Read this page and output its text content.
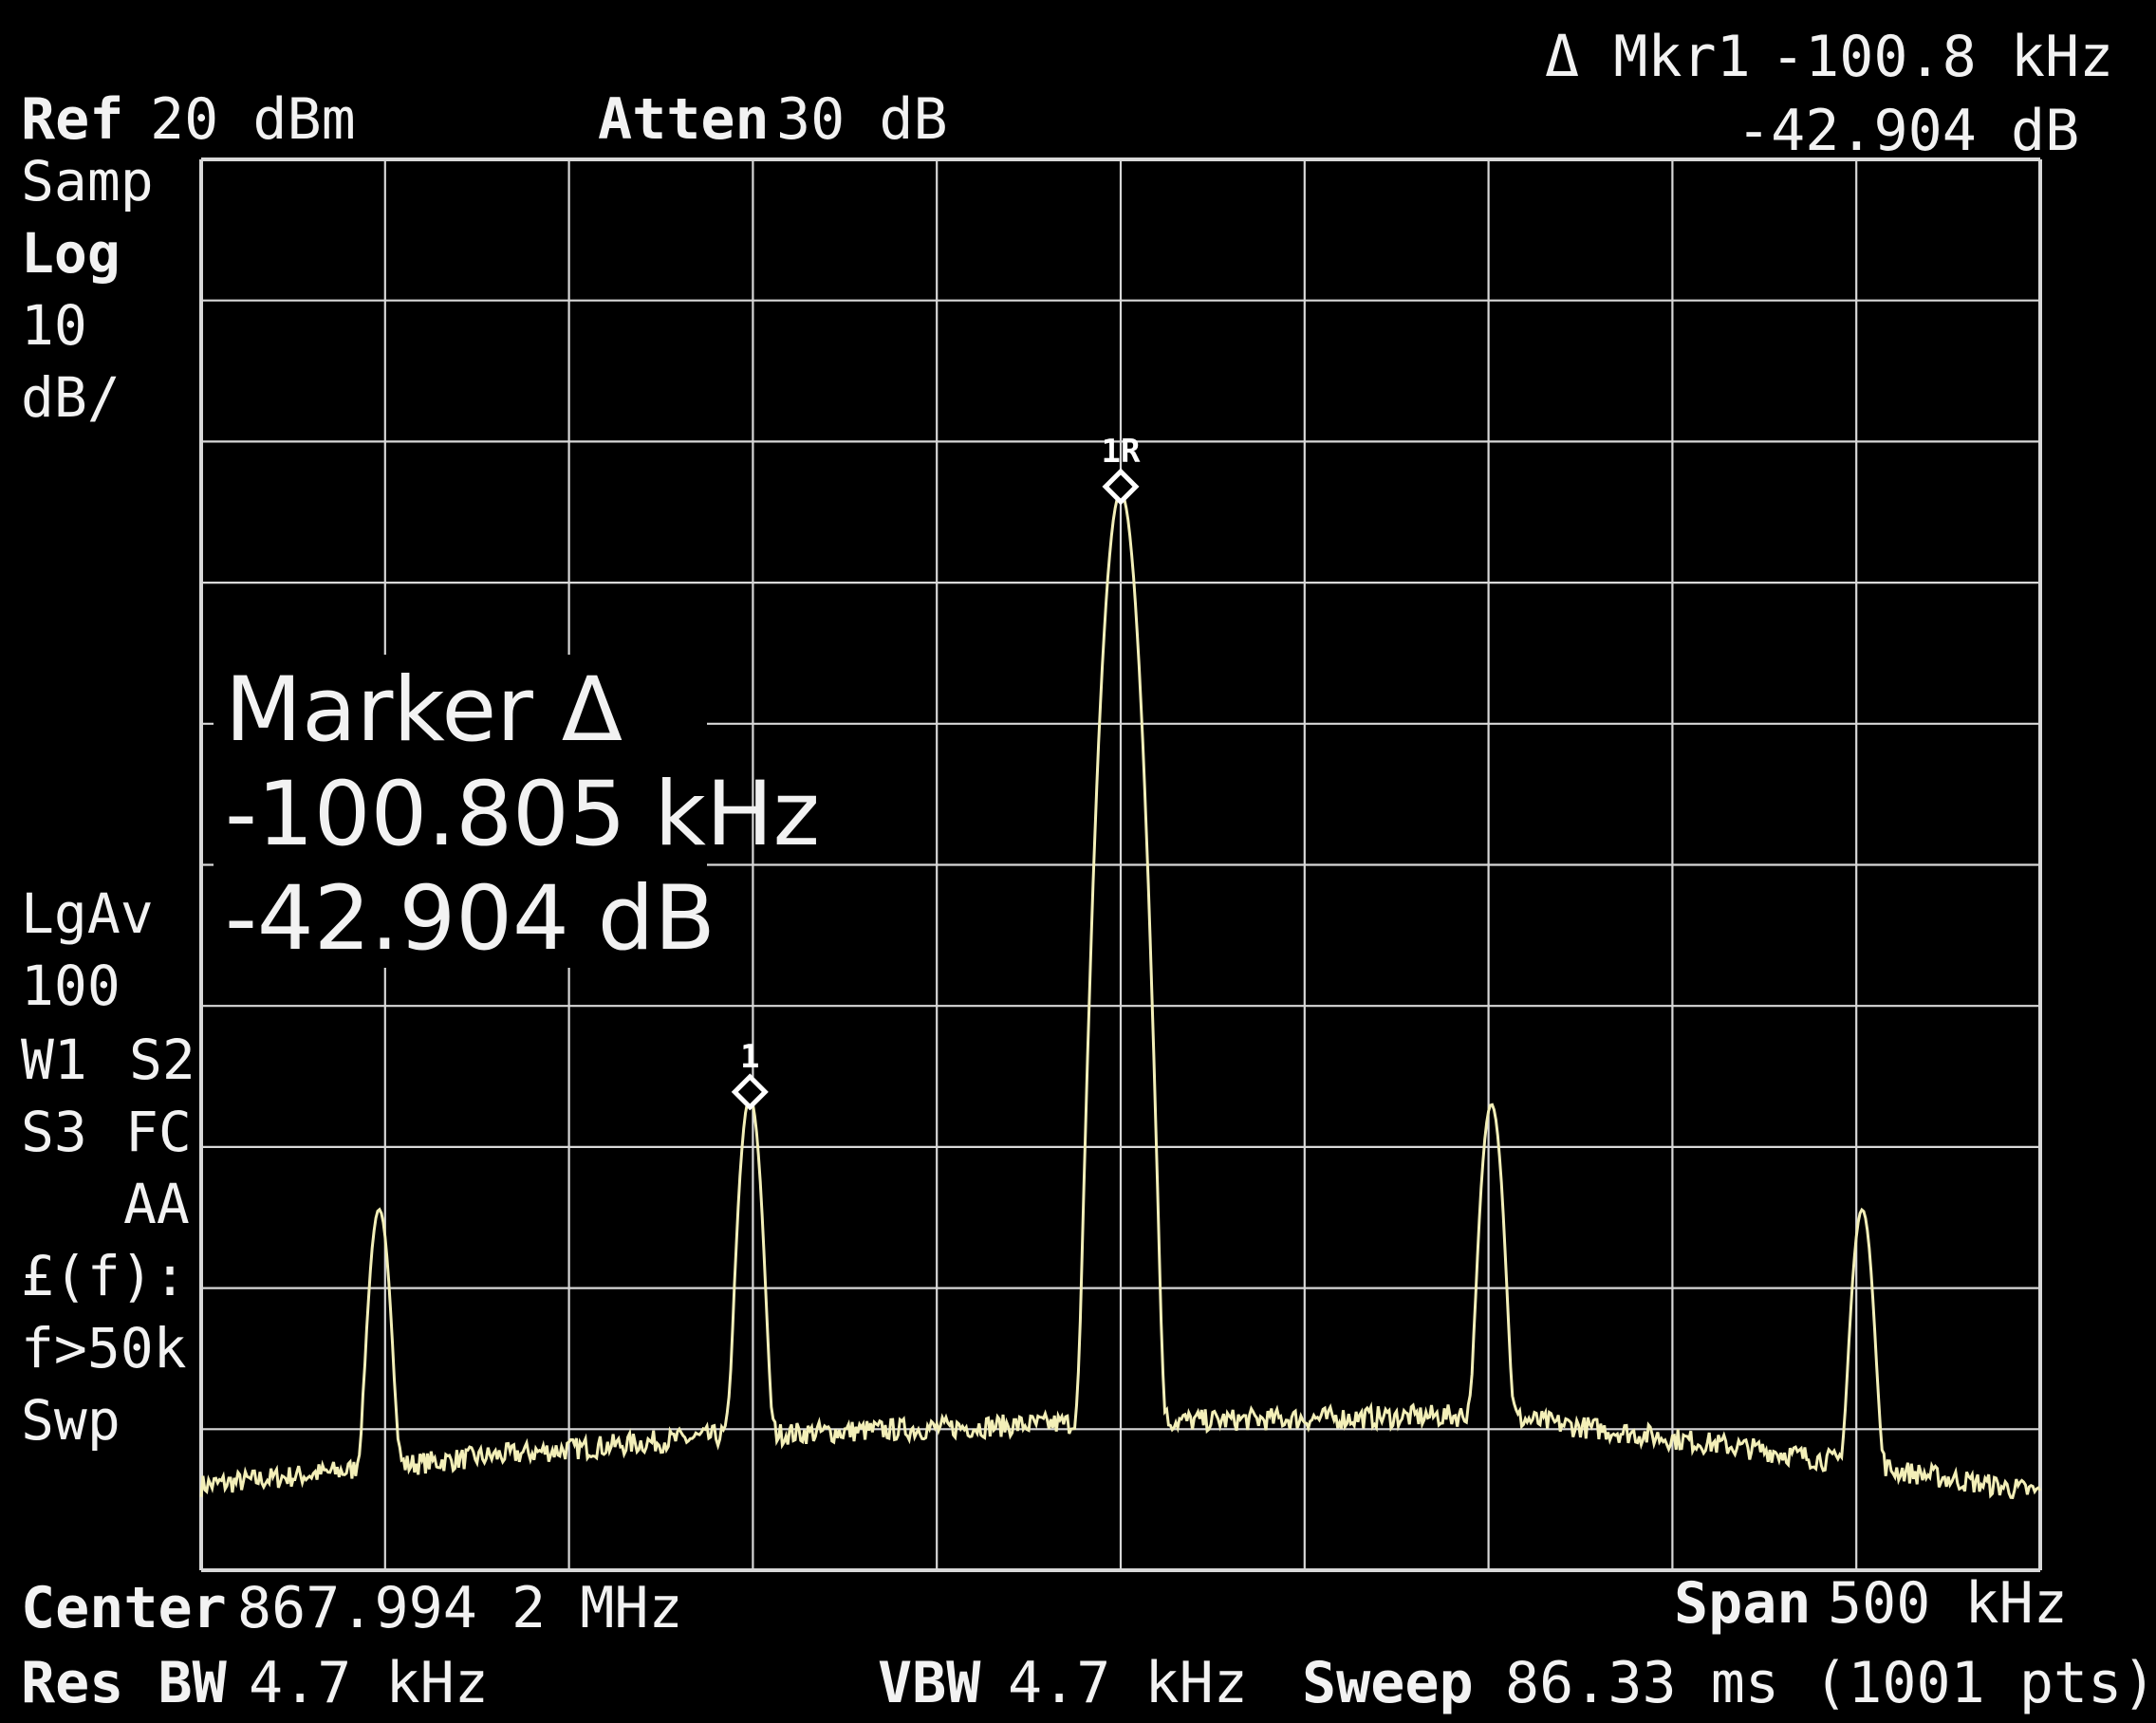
1R
1
Ref 20 dBm	Atten 30 dB
Δ Mkr1 -100.8 kHz
-42.904 dB
Samp
Log
10
dB/
LgAv
100
W1 S2
S3 FC
AA
£(f):
f>50k
Swp
Marker Δ
-100.805 kHz
-42.904 dB
Center 867.994 2 MHz	Span 500 kHz
Res BW 4.7 kHz	VBW 4.7 kHz Sweep 86.33 ms (1001 pts)
